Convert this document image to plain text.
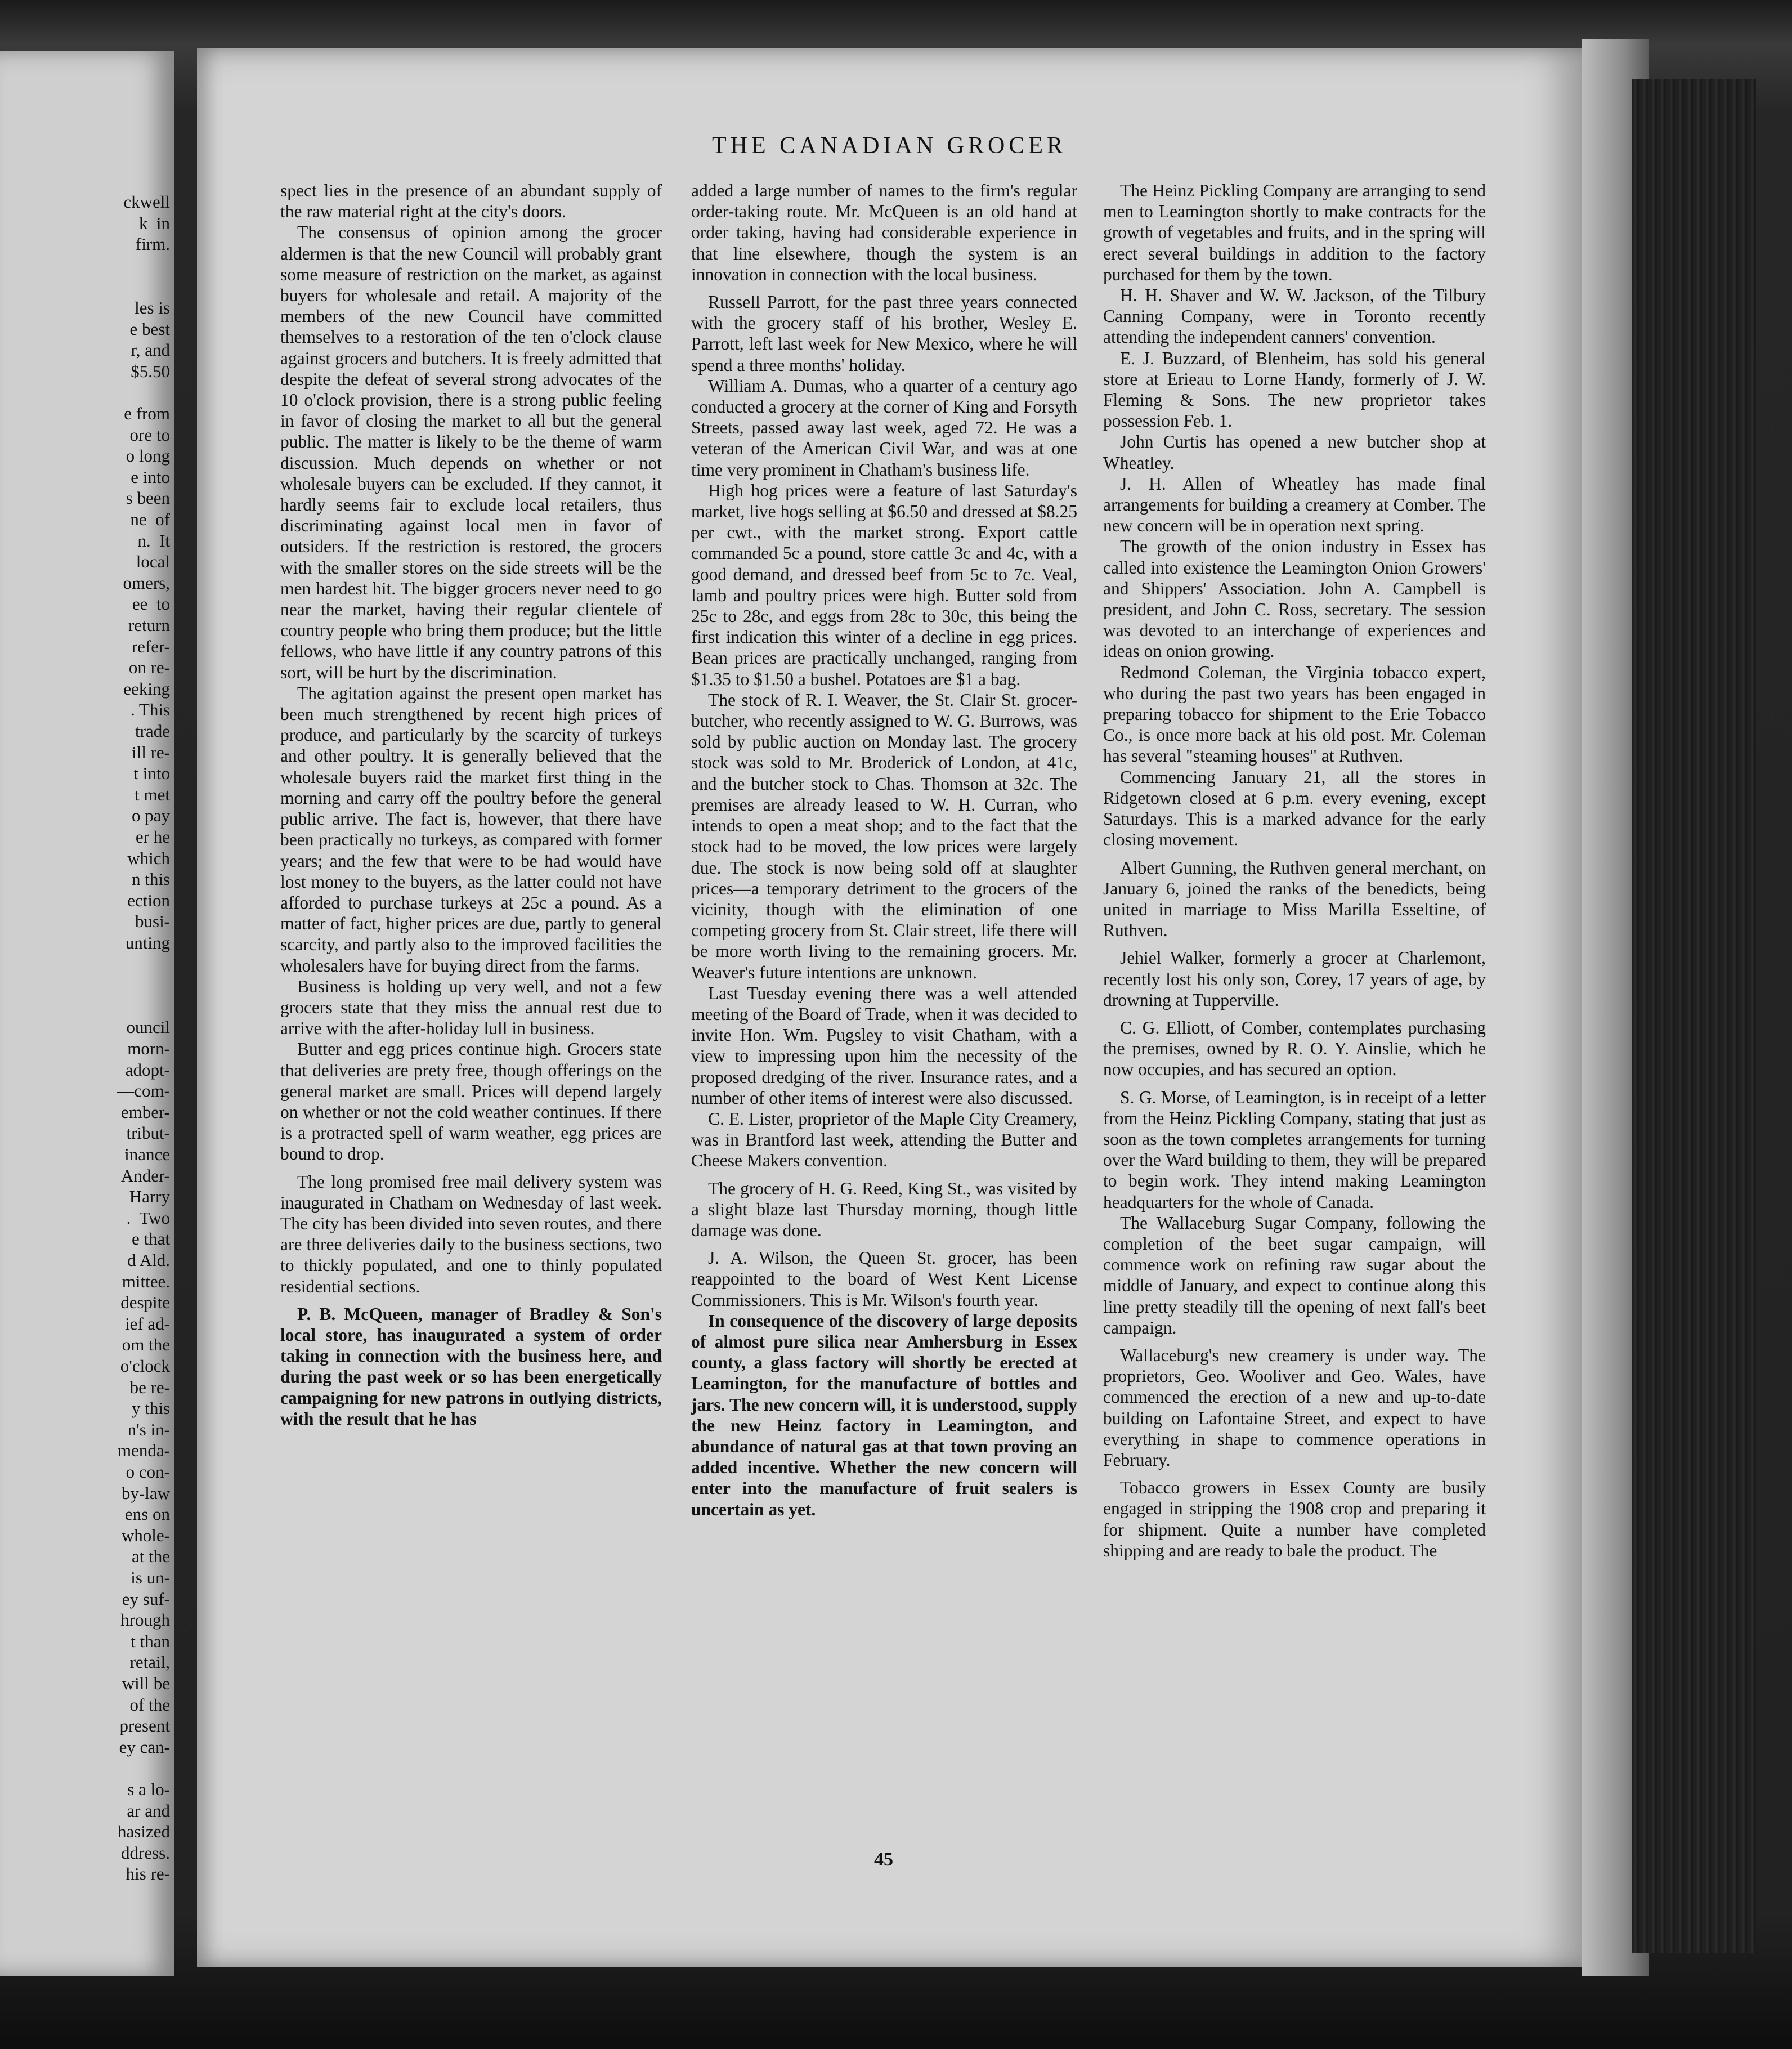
ckwell
k  in
firm.
les is
e best
r, and
$5.50
e from
ore to
o long
e into
s been
ne  of
n.  It
local
omers,
ee  to
return
refer-
on re-
eeking
. This
trade
ill re-
t into
t met
o pay
er he
which
n this
ection
busi-
unting
ouncil
morn-
adopt-
—com-
ember-
tribut-
inance
Ander-
Harry
.  Two
e that
d Ald.
mittee.
despite
ief ad-
om the
o'clock
be re-
y this
n's in-
menda-
o con-
by-law
ens on
whole-
at the
is un-
ey suf-
hrough
t than
retail,
will be
of the
present
ey can-
s a lo-
ar and
hasized
ddress.
his re-
THE CANADIAN GROCER

spect lies in the presence of an abundant supply of the raw material right at the city's doors.

The consensus of opinion among the grocer aldermen is that the new Council will probably grant some measure of restriction on the market, as against buyers for wholesale and retail. A majority of the members of the new Council have committed themselves to a restoration of the ten o'clock clause against grocers and butchers. It is freely admitted that despite the defeat of several strong advocates of the 10 o'clock provision, there is a strong public feeling in favor of closing the market to all but the general public. The matter is likely to be the theme of warm discussion. Much depends on whether or not wholesale buyers can be excluded. If they cannot, it hardly seems fair to exclude local retailers, thus discriminating against local men in favor of outsiders. If the restriction is restored, the grocers with the smaller stores on the side streets will be the men hardest hit. The bigger grocers never need to go near the market, having their regular clientele of country people who bring them produce; but the little fellows, who have little if any country patrons of this sort, will be hurt by the discrimination.

The agitation against the present open market has been much strengthened by recent high prices of produce, and particularly by the scarcity of turkeys and other poultry. It is generally believed that the wholesale buyers raid the market first thing in the morning and carry off the poultry before the general public arrive. The fact is, however, that there have been practically no turkeys, as compared with former years; and the few that were to be had would have lost money to the buyers, as the latter could not have afforded to purchase turkeys at 25c a pound. As a matter of fact, higher prices are due, partly to general scarcity, and partly also to the improved facilities the wholesalers have for buying direct from the farms.

Business is holding up very well, and not a few grocers state that they miss the annual rest due to arrive with the after-holiday lull in business.

Butter and egg prices continue high. Grocers state that deliveries are prety free, though offerings on the general market are small. Prices will depend largely on whether or not the cold weather continues. If there is a protracted spell of warm weather, egg prices are bound to drop.

The long promised free mail delivery system was inaugurated in Chatham on Wednesday of last week. The city has been divided into seven routes, and there are three deliveries daily to the business sections, two to thickly populated, and one to thinly populated residential sections.

P. B. McQueen, manager of Bradley & Son's local store, has inaugurated a system of order taking in connection with the business here, and during the past week or so has been energetically campaigning for new patrons in outlying districts, with the result that he has

added a large number of names to the firm's regular order-taking route. Mr. McQueen is an old hand at order taking, having had considerable experience in that line elsewhere, though the system is an innovation in connection with the local business.

Russell Parrott, for the past three years connected with the grocery staff of his brother, Wesley E. Parrott, left last week for New Mexico, where he will spend a three months' holiday.

William A. Dumas, who a quarter of a century ago conducted a grocery at the corner of King and Forsyth Streets, passed away last week, aged 72. He was a veteran of the American Civil War, and was at one time very prominent in Chatham's business life.

High hog prices were a feature of last Saturday's market, live hogs selling at $6.50 and dressed at $8.25 per cwt., with the market strong. Export cattle commanded 5c a pound, store cattle 3c and 4c, with a good demand, and dressed beef from 5c to 7c. Veal, lamb and poultry prices were high. Butter sold from 25c to 28c, and eggs from 28c to 30c, this being the first indication this winter of a decline in egg prices. Bean prices are practically unchanged, ranging from $1.35 to $1.50 a bushel. Potatoes are $1 a bag.

The stock of R. I. Weaver, the St. Clair St. grocer-butcher, who recently assigned to W. G. Burrows, was sold by public auction on Monday last. The grocery stock was sold to Mr. Broderick of London, at 41c, and the butcher stock to Chas. Thomson at 32c. The premises are already leased to W. H. Curran, who intends to open a meat shop; and to the fact that the stock had to be moved, the low prices were largely due. The stock is now being sold off at slaughter prices—a temporary detriment to the grocers of the vicinity, though with the elimination of one competing grocery from St. Clair street, life there will be more worth living to the remaining grocers. Mr. Weaver's future intentions are unknown.

Last Tuesday evening there was a well attended meeting of the Board of Trade, when it was decided to invite Hon. Wm. Pugsley to visit Chatham, with a view to impressing upon him the necessity of the proposed dredging of the river. Insurance rates, and a number of other items of interest were also discussed.

C. E. Lister, proprietor of the Maple City Creamery, was in Brantford last week, attending the Butter and Cheese Makers convention.

The grocery of H. G. Reed, King St., was visited by a slight blaze last Thursday morning, though little damage was done.

J. A. Wilson, the Queen St. grocer, has been reappointed to the board of West Kent License Commissioners. This is Mr. Wilson's fourth year.

In consequence of the discovery of large deposits of almost pure silica near Amhersburg in Essex county, a glass factory will shortly be erected at Leamington, for the manufacture of bottles and jars. The new concern will, it is understood, supply the new Heinz factory in Leamington, and abundance of natural gas at that town proving an added incentive. Whether the new concern will enter into the manufacture of fruit sealers is uncertain as yet.

The Heinz Pickling Company are arranging to send men to Leamington shortly to make contracts for the growth of vegetables and fruits, and in the spring will erect several buildings in addition to the factory purchased for them by the town.

H. H. Shaver and W. W. Jackson, of the Tilbury Canning Company, were in Toronto recently attending the independent canners' convention.

E. J. Buzzard, of Blenheim, has sold his general store at Erieau to Lorne Handy, formerly of J. W. Fleming & Sons. The new proprietor takes possession Feb. 1.

John Curtis has opened a new butcher shop at Wheatley.

J. H. Allen of Wheatley has made final arrangements for building a creamery at Comber. The new concern will be in operation next spring.

The growth of the onion industry in Essex has called into existence the Leamington Onion Growers' and Shippers' Association. John A. Campbell is president, and John C. Ross, secretary. The session was devoted to an interchange of experiences and ideas on onion growing.

Redmond Coleman, the Virginia tobacco expert, who during the past two years has been engaged in preparing tobacco for shipment to the Erie Tobacco Co., is once more back at his old post. Mr. Coleman has several "steaming houses" at Ruthven.

Commencing January 21, all the stores in Ridgetown closed at 6 p.m. every evening, except Saturdays. This is a marked advance for the early closing movement.

Albert Gunning, the Ruthven general merchant, on January 6, joined the ranks of the benedicts, being united in marriage to Miss Marilla Esseltine, of Ruthven.

Jehiel Walker, formerly a grocer at Charlemont, recently lost his only son, Corey, 17 years of age, by drowning at Tupperville.

C. G. Elliott, of Comber, contemplates purchasing the premises, owned by R. O. Y. Ainslie, which he now occupies, and has secured an option.

S. G. Morse, of Leamington, is in receipt of a letter from the Heinz Pickling Company, stating that just as soon as the town completes arrangements for turning over the Ward building to them, they will be prepared to begin work. They intend making Leamington headquarters for the whole of Canada.

The Wallaceburg Sugar Company, following the completion of the beet sugar campaign, will commence work on refining raw sugar about the middle of January, and expect to continue along this line pretty steadily till the opening of next fall's beet campaign.

Wallaceburg's new creamery is under way. The proprietors, Geo. Wooliver and Geo. Wales, have commenced the erection of a new and up-to-date building on Lafontaine Street, and expect to have everything in shape to commence operations in February.

Tobacco growers in Essex County are busily engaged in stripping the 1908 crop and preparing it for shipment. Quite a number have completed shipping and are ready to bale the product. The

45
